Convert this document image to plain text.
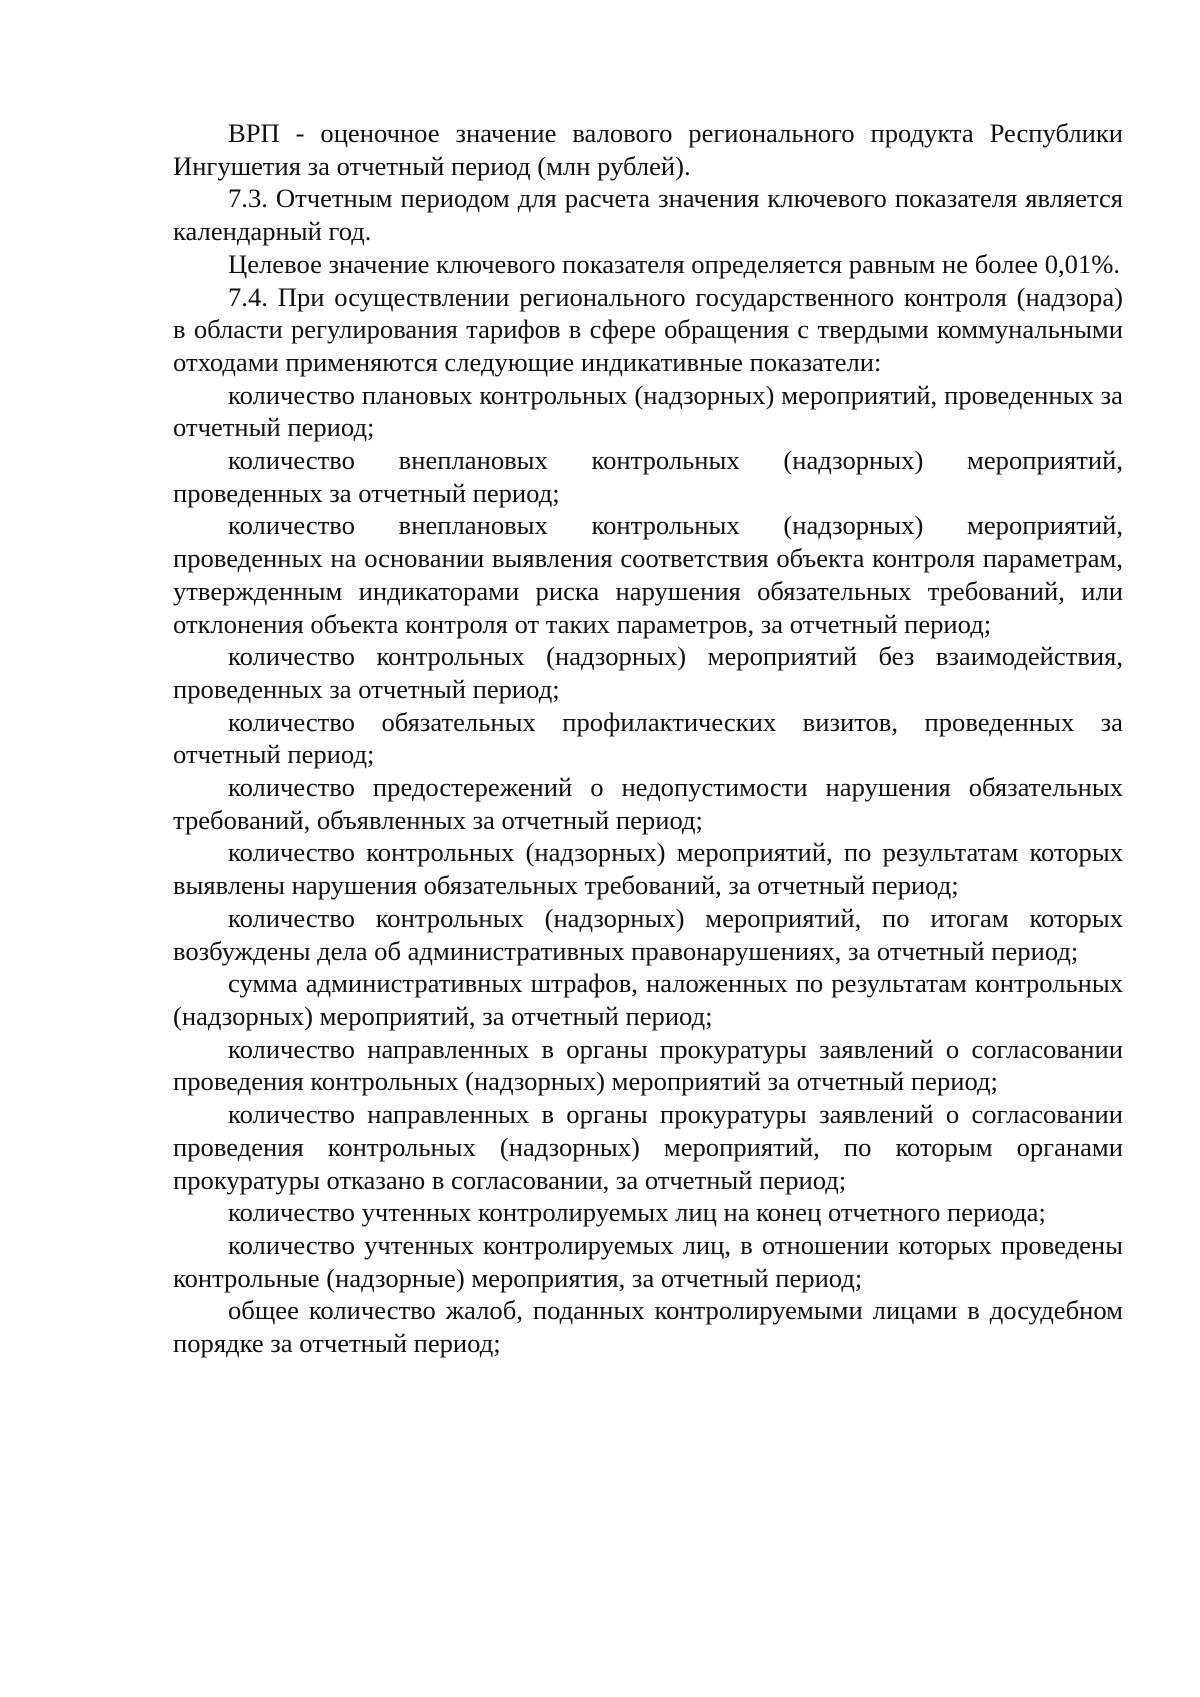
ВРП - оценочное значение валового регионального продукта Республики Ингушетия за отчетный период (млн рублей).

7.3. Отчетным периодом для расчета значения ключевого показателя является календарный год.

Целевое значение ключевого показателя определяется равным не более 0,01%.

7.4. При осуществлении регионального государственного контроля (надзора) в области регулирования тарифов в сфере обращения с твердыми коммунальными отходами применяются следующие индикативные показатели:

количество плановых контрольных (надзорных) мероприятий, проведенных за отчетный период;

количество внеплановых контрольных (надзорных) мероприятий, проведенных за отчетный период;

количество внеплановых контрольных (надзорных) мероприятий, проведенных на основании выявления соответствия объекта контроля параметрам, утвержденным индикаторами риска нарушения обязательных требований, или отклонения объекта контроля от таких параметров, за отчетный период;

количество контрольных (надзорных) мероприятий без взаимодействия, проведенных за отчетный период;

количество обязательных профилактических визитов, проведенных за отчетный период;

количество предостережений о недопустимости нарушения обязательных требований, объявленных за отчетный период;

количество контрольных (надзорных) мероприятий, по результатам которых выявлены нарушения обязательных требований, за отчетный период;

количество контрольных (надзорных) мероприятий, по итогам которых возбуждены дела об административных правонарушениях, за отчетный период;

сумма административных штрафов, наложенных по результатам контрольных (надзорных) мероприятий, за отчетный период;

количество направленных в органы прокуратуры заявлений о согласовании проведения контрольных (надзорных) мероприятий за отчетный период;

количество направленных в органы прокуратуры заявлений о согласовании проведения контрольных (надзорных) мероприятий, по которым органами прокуратуры отказано в согласовании, за отчетный период;

количество учтенных контролируемых лиц на конец отчетного периода;

количество учтенных контролируемых лиц, в отношении которых проведены контрольные (надзорные) мероприятия, за отчетный период;

общее количество жалоб, поданных контролируемыми лицами в досудебном порядке за отчетный период;
